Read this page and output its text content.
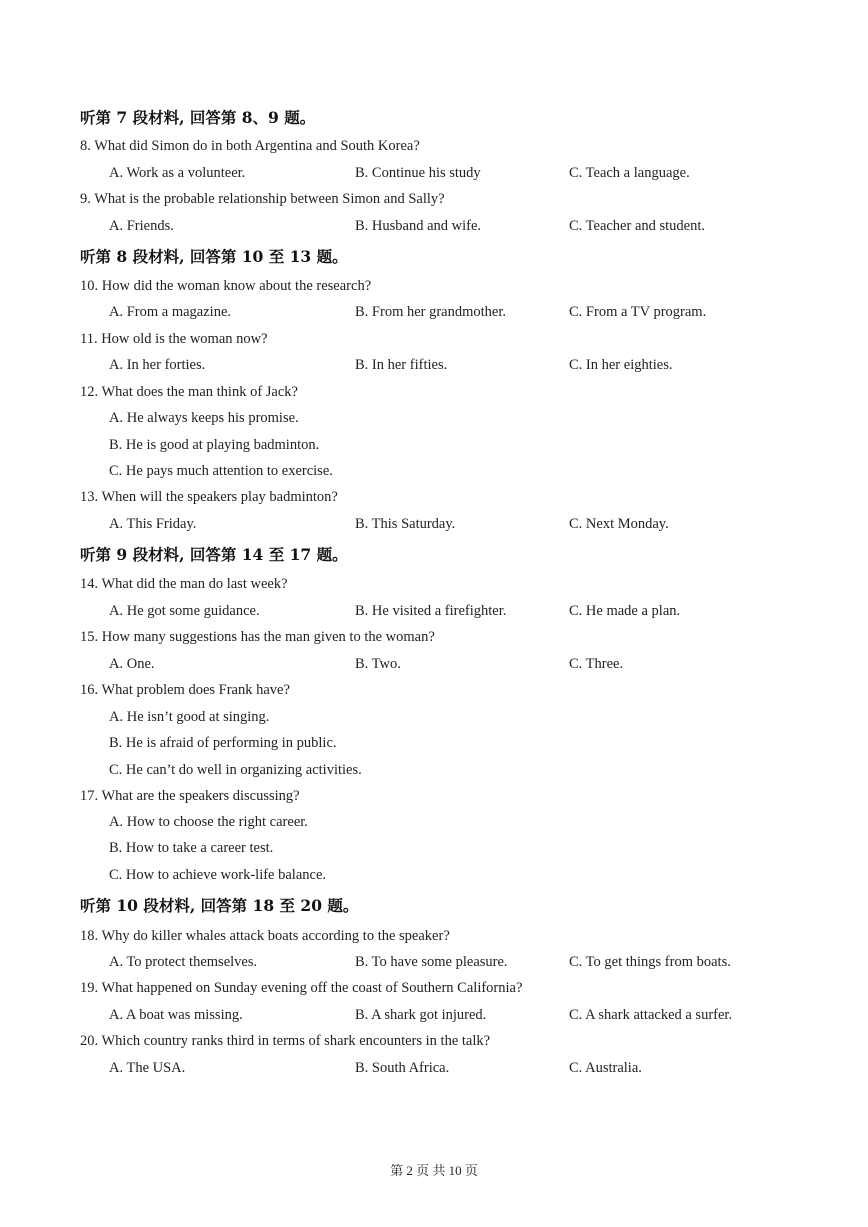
听第 7 段材料, 回答第 8、9 题。
8. What did Simon do in both Argentina and South Korea?
A. Work as a volunteer.	B. Continue his study	C. Teach a language.
9. What is the probable relationship between Simon and Sally?
A. Friends.	B. Husband and wife.	C. Teacher and student.
听第 8 段材料, 回答第 10 至 13 题。
10. How did the woman know about the research?
A. From a magazine.	B. From her grandmother.	C. From a TV program.
11. How old is the woman now?
A. In her forties.	B. In her fifties.	C. In her eighties.
12. What does the man think of Jack?
A. He always keeps his promise.
B. He is good at playing badminton.
C. He pays much attention to exercise.
13. When will the speakers play badminton?
A. This Friday.	B. This Saturday.	C. Next Monday.
听第 9 段材料, 回答第 14 至 17 题。
14. What did the man do last week?
A. He got some guidance.	B. He visited a firefighter.	C. He made a plan.
15. How many suggestions has the man given to the woman?
A. One.	B. Two.	C. Three.
16. What problem does Frank have?
A. He isn’t good at singing.
B. He is afraid of performing in public.
C. He can’t do well in organizing activities.
17. What are the speakers discussing?
A. How to choose the right career.
B. How to take a career test.
C. How to achieve work-life balance.
听第 10 段材料, 回答第 18 至 20 题。
18. Why do killer whales attack boats according to the speaker?
A. To protect themselves.	B. To have some pleasure.	C. To get things from boats.
19. What happened on Sunday evening off the coast of Southern California?
A. A boat was missing.	B. A shark got injured.	C. A shark attacked a surfer.
20. Which country ranks third in terms of shark encounters in the talk?
A. The USA.	B. South Africa.	C. Australia.
第 2 页 共 10 页
